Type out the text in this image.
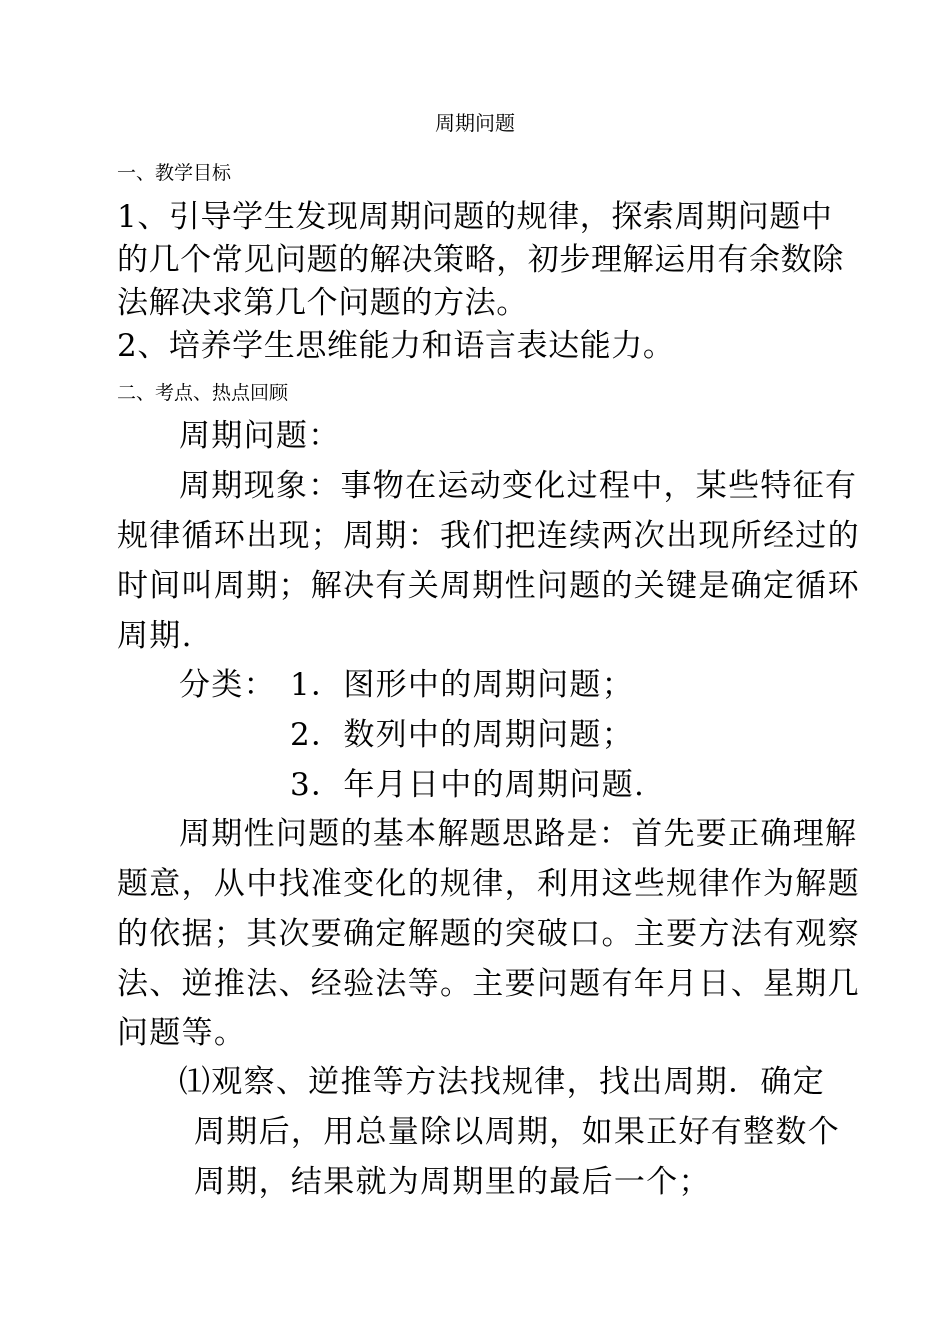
周期问题

一、教学目标

1、引导学生发现周期问题的规律，探索周期问题中

的几个常见问题的解决策略，初步理解运用有余数除

法解决求第几个问题的方法。

2、培养学生思维能力和语言表达能力。

二、考点、热点回顾

周期问题：

周期现象：事物在运动变化过程中，某些特征有

规律循环出现；周期：我们把连续两次出现所经过的

时间叫周期；解决有关周期性问题的关键是确定循环

周期.

分类： 1．图形中的周期问题；

2．数列中的周期问题；

3．年月日中的周期问题.

周期性问题的基本解题思路是：首先要正确理解

题意，从中找准变化的规律，利用这些规律作为解题

的依据；其次要确定解题的突破口。主要方法有观察

法、逆推法、经验法等。主要问题有年月日、星期几

问题等。

⑴观察、逆推等方法找规律，找出周期．确定

周期后，用总量除以周期，如果正好有整数个

周期，结果就为周期里的最后一个；
